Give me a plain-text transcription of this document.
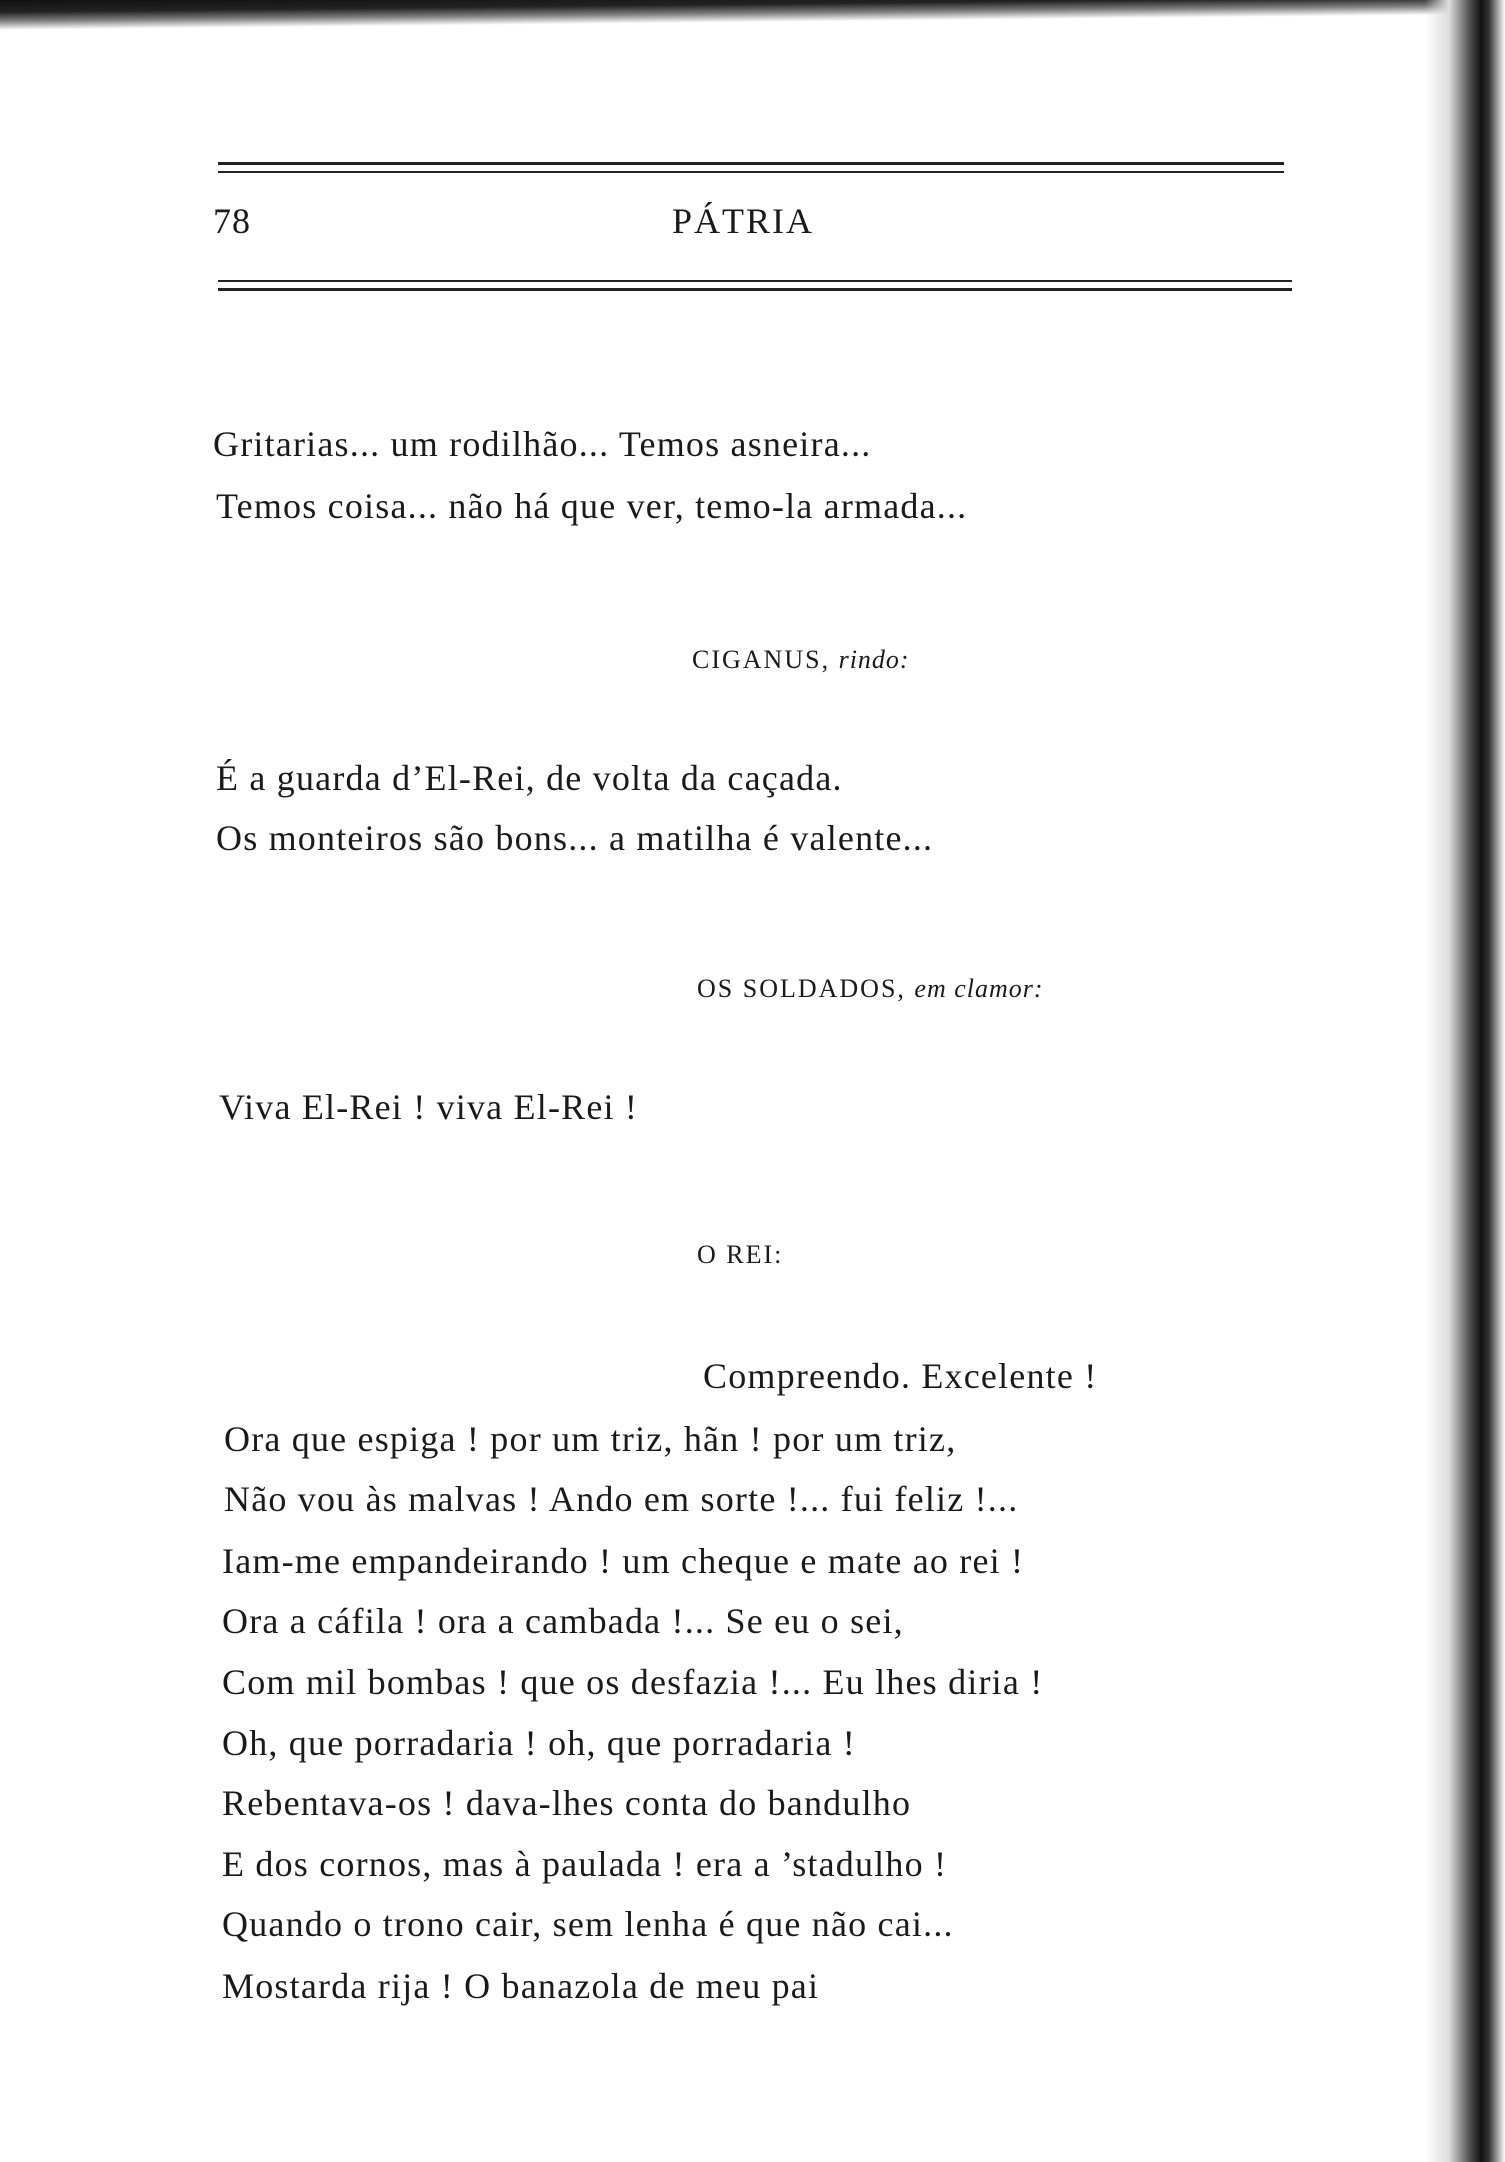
78	PÁTRIA
Gritarias... um rodilhão... Temos asneira...
Temos coisa... não há que ver, temo-la armada...
CIGANUS, rindo:
É a guarda d’El-Rei, de volta da caçada.
Os monteiros são bons... a matilha é valente...
OS SOLDADOS, em clamor:
Viva El-Rei ! viva El-Rei !
O REI:
Compreendo. Excelente !
Ora que espiga ! por um triz, hãn ! por um triz,
Não vou às malvas ! Ando em sorte !... fui feliz !...
Iam-me empandeirando ! um cheque e mate ao rei !
Ora a cáfila ! ora a cambada !... Se eu o sei,
Com mil bombas ! que os desfazia !... Eu lhes diria !
Oh, que porradaria ! oh, que porradaria !
Rebentava-os ! dava-lhes conta do bandulho
E dos cornos, mas à paulada ! era a ’stadulho !
Quando o trono cair, sem lenha é que não cai...
Mostarda rija ! O banazola de meu pai
